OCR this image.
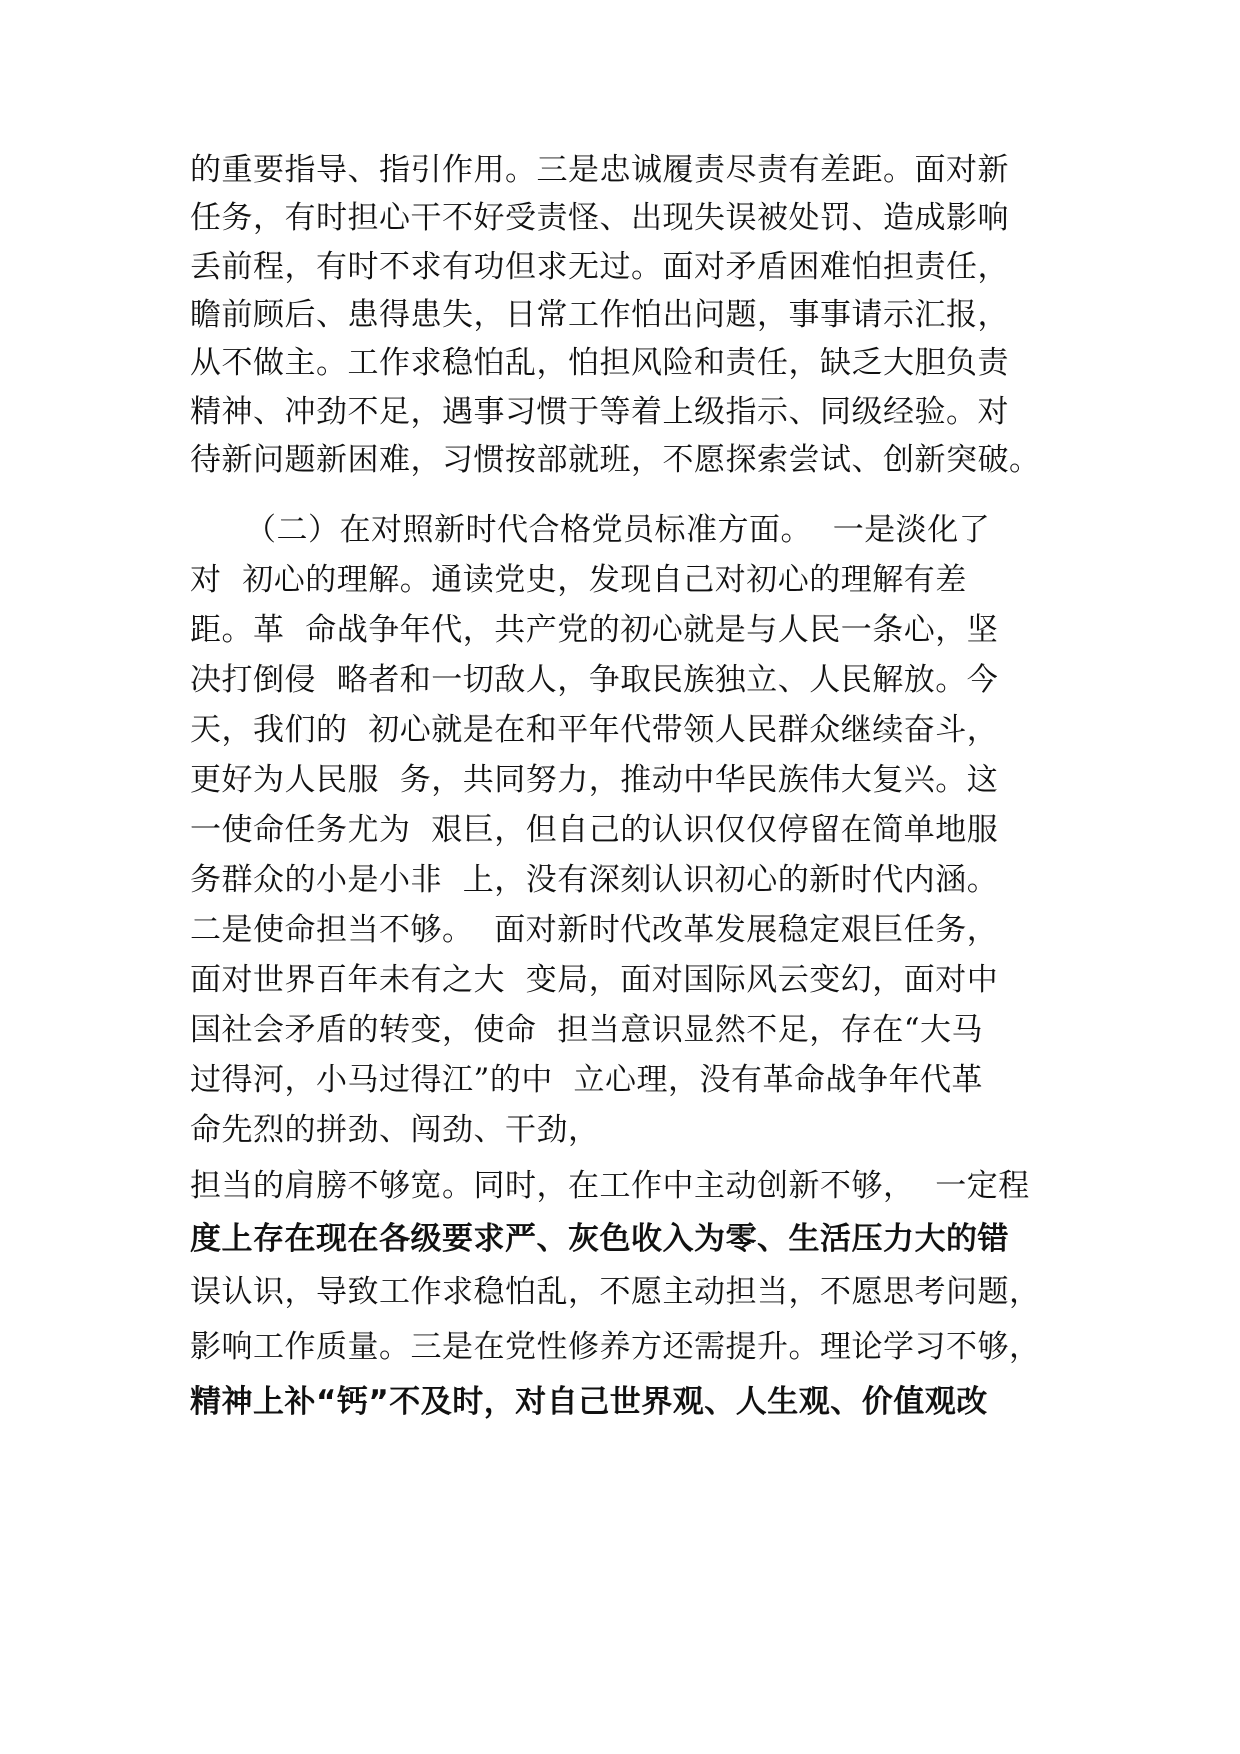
的重要指导、指引作用。三是忠诚履责尽责有差距。面对新
任务，有时担心干不好受责怪、出现失误被处罚、造成影响
丢前程，有时不求有功但求无过。面对矛盾困难怕担责任，
瞻前顾后、患得患失，日常工作怕出问题，事事请示汇报，
从不做主。工作求稳怕乱，怕担风险和责任，缺乏大胆负责
精神、冲劲不足，遇事习惯于等着上级指示、同级经验。对
待新问题新困难，习惯按部就班，不愿探索尝试、创新突破。
（二）在对照新时代合格党员标准方面。  一是淡化了
对  初心的理解。通读党史，发现自己对初心的理解有差
距。革  命战争年代，共产党的初心就是与人民一条心，坚
决打倒侵  略者和一切敌人，争取民族独立、人民解放。今
天，我们的  初心就是在和平年代带领人民群众继续奋斗，
更好为人民服  务，共同努力，推动中华民族伟大复兴。这
一使命任务尤为  艰巨，但自己的认识仅仅停留在简单地服
务群众的小是小非  上，没有深刻认识初心的新时代内涵。
二是使命担当不够。  面对新时代改革发展稳定艰巨任务，
面对世界百年未有之大  变局，面对国际风云变幻，面对中
国社会矛盾的转变，使命  担当意识显然不足，存在“大马
过得河，小马过得江”的中  立心理，没有革命战争年代革
命先烈的拼劲、闯劲、干劲，
担当的肩膀不够宽。同时，在工作中主动创新不够，  一定程
度上存在现在各级要求严、灰色收入为零、生活压力大的错
误认识，导致工作求稳怕乱，不愿主动担当，不愿思考问题，
影响工作质量。三是在党性修养方还需提升。理论学习不够，
精神上补“钙”不及时，对自己世界观、人生观、价值观改
